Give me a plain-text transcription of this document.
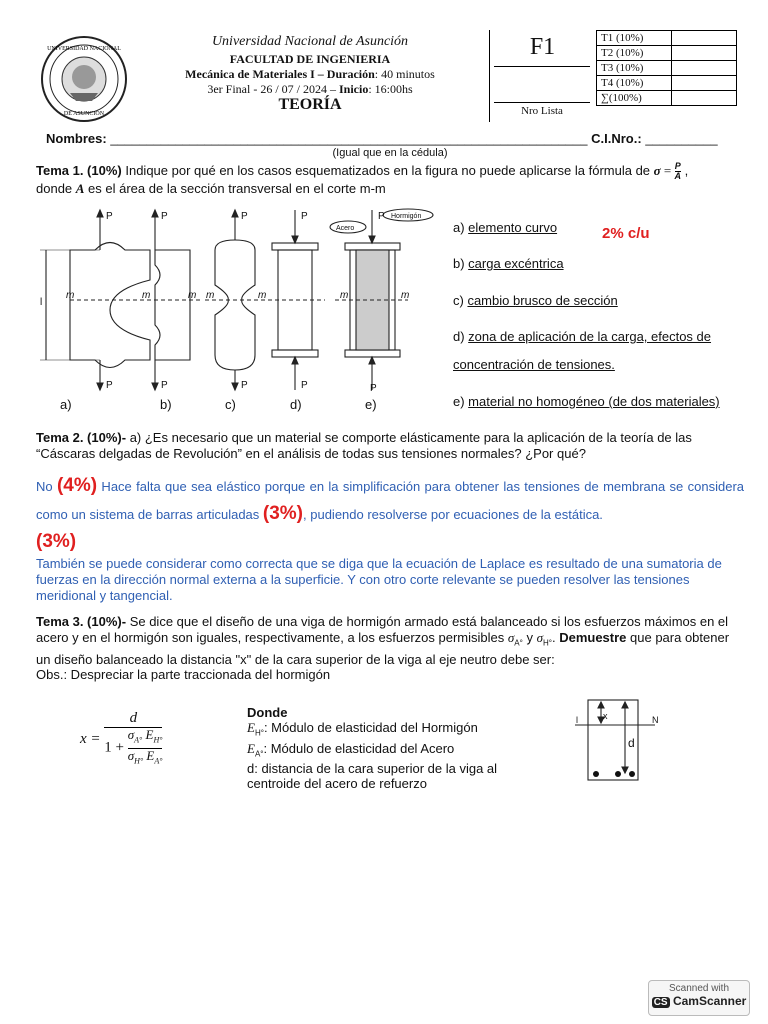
UNIVERSIDAD NACIONAL
DE ASUNCIÓN
Universidad Nacional de Asunción
FACULTAD DE INGENIERIA
Mecánica de Materiales I – Duración: 40 minutos
3er Final - 26 / 07 / 2024 – Inicio: 16:00hs
TEORÍA
F1
Nro Lista
T1 (10%)	
T2 (10%)	
T3 (10%)	
T4 (10%)	
∑(100%)	
Nombres: __________________________________________________________________ C.I.Nro.: __________
(Igual que en la cédula)
Tema 1. (10%) Indique por qué en los casos esquematizados en la figura no puede aplicarse la fórmula de $\sigma = \frac{P}{A}$ ,
donde A es el área de la sección transversal en el corte m-m
l
P
P
P
P
P
P
P
P
P
P
m	m	m m	m	m	m
Acero
Hormigón
a)	b)	c)	d)	e)
a) elemento curvo	2% c/u
b) carga excéntrica
c) cambio brusco de sección
d) zona de aplicación de la carga, efectos de
concentración de tensiones.
e) material no homogéneo (de dos materiales)
Tema 2. (10%)- a) ¿Es necesario que un material se comporte elásticamente para la aplicación de la teoría de las “Cáscaras delgadas de Revolución” en el análisis de todas sus tensiones normales? ¿Por qué?
No (4%) Hace falta que sea elástico porque en la simplificación para obtener las tensiones de membrana se considera como un sistema de barras articuladas (3%), pudiendo resolverse por ecuaciones de la estática.
(3%)
También se puede considerar como correcta que se diga que la ecuación de Laplace es resultado de una sumatoria de fuerzas en la dirección normal externa a la superficie. Y con otro corte relevante se pueden resolver las tensiones meridional y tangencial.
Tema 3. (10%)- Se dice que el diseño de una viga de hormigón armado está balanceado si los esfuerzos máximos en el acero y en el hormigón son iguales, respectivamente, a los esfuerzos permisibles $\sigma_{A^\circ}$ y $\sigma_{H^\circ}$. Demuestre que para obtener un diseño balanceado la distancia "x" de la cara superior de la viga al eje neutro debe ser:
Obs.: Despreciar la parte traccionada del hormigón
$x = \frac{d}{1 + \frac{\sigma_{A^\circ} E_{H^\circ}}{\sigma_{H^\circ} E_{A^\circ}}}$	Donde
$E_{H^\circ}$: Módulo de elasticidad del Hormigón
$E_{A^\circ}$: Módulo de elasticidad del Acero
d: distancia de la cara superior de la viga al
centroide del acero de refuerzo
x
d
l	N
Scanned with
CS CamScanner
